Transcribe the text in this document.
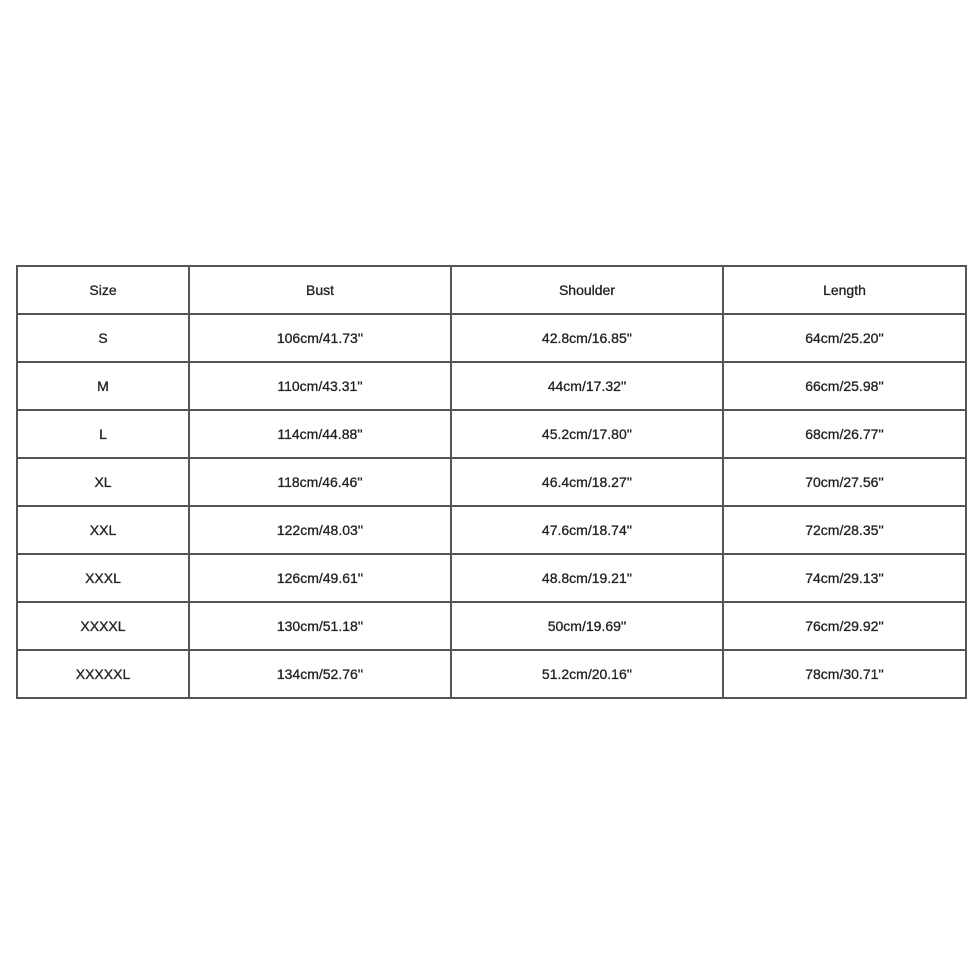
Size	Bust	Shoulder	Length
S	106cm/41.73''	42.8cm/16.85''	64cm/25.20''
M	110cm/43.31''	44cm/17.32''	66cm/25.98''
L	114cm/44.88''	45.2cm/17.80''	68cm/26.77''
XL	118cm/46.46''	46.4cm/18.27''	70cm/27.56''
XXL	122cm/48.03''	47.6cm/18.74''	72cm/28.35''
XXXL	126cm/49.61''	48.8cm/19.21''	74cm/29.13''
XXXXL	130cm/51.18''	50cm/19.69''	76cm/29.92''
XXXXXL	134cm/52.76''	51.2cm/20.16''	78cm/30.71''
